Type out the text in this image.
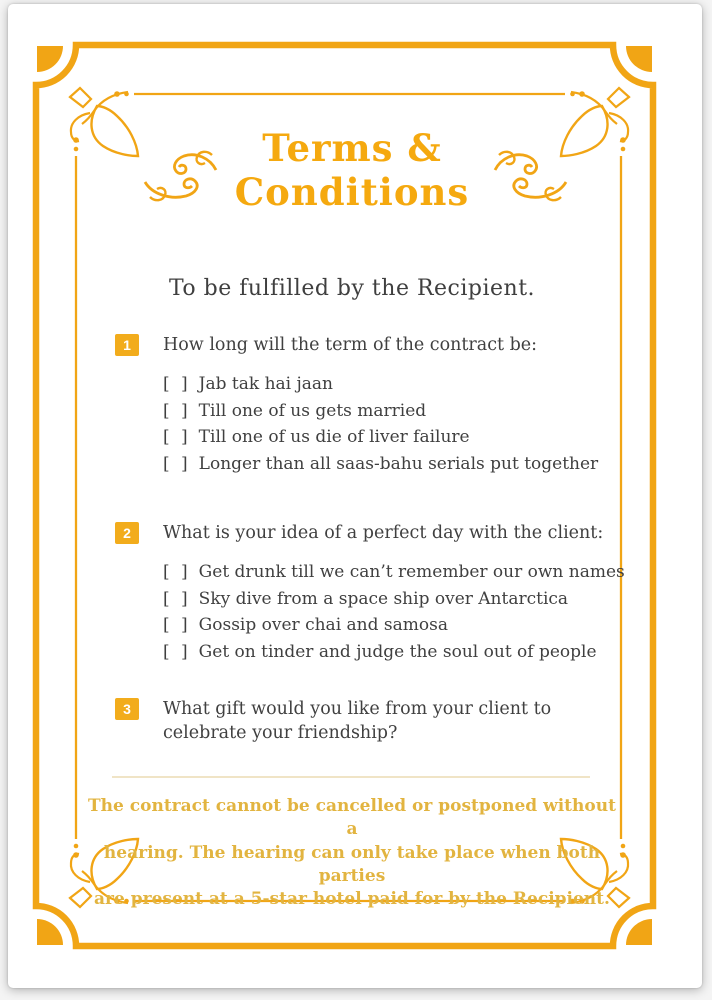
Terms &
Conditions
To be fulfilled by the Recipient.
1	How long will the term of the contract be:
[ ] Jab tak hai jaan
[ ] Till one of us gets married
[ ] Till one of us die of liver failure
[ ] Longer than all saas-bahu serials put together
2	What is your idea of a perfect day with the client:
[ ] Get drunk till we can’t remember our own names
[ ] Sky dive from a space ship over Antarctica
[ ] Gossip over chai and samosa
[ ] Get on tinder and judge the soul out of people
3	What gift would you like from your client to celebrate your friendship?
The contract cannot be cancelled or postponed without a
hearing. The hearing can only take place when both parties
are present at a 5-star hotel paid for by the Recipient.
